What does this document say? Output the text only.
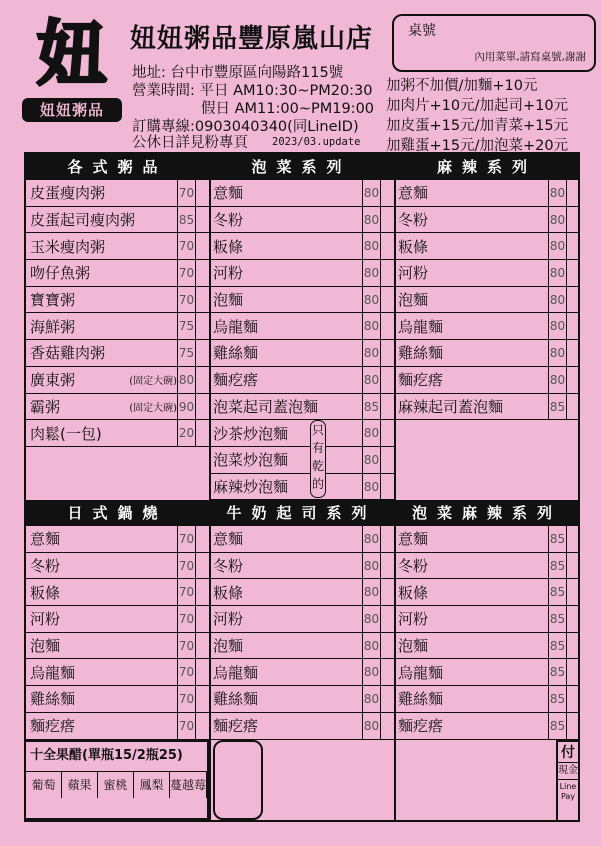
妞
妞妞粥品
妞妞粥品豐原嵐山店
地址: 台中市豐原區向陽路115號
營業時間: 平日 AM10:30~PM20:30
假日 AM11:00~PM19:00
訂購專線:0903040340(同LineID)
公休日詳見粉專頁 2023/03.update
桌號
內用菜單,請寫桌號,謝謝
加粥不加價/加麵+10元
加肉片+10元/加起司+10元
加皮蛋+15元/加青菜+15元
加雞蛋+15元/加泡菜+20元
各式粥品
皮蛋瘦肉粥	70
皮蛋起司瘦肉粥	85
玉米瘦肉粥	70
吻仔魚粥	70
寶寶粥	70
海鮮粥	75
香菇雞肉粥	75
廣東粥	(固定大碗) 80
霸粥	(固定大碗) 90
肉鬆(一包)	20
泡菜系列
意麵	80
冬粉	80
粄條	80
河粉	80
泡麵	80
烏龍麵	80
雞絲麵	80
麵疙瘩	80
泡菜起司蓋泡麵	85
沙茶炒泡麵	80
泡菜炒泡麵	80
麻辣炒泡麵	80
麻辣系列
意麵	80
冬粉	80
粄條	80
河粉	80
泡麵	80
烏龍麵	80
雞絲麵	80
麵疙瘩	80
麻辣起司蓋泡麵	85
日式鍋燒
意麵	70
冬粉	70
粄條	70
河粉	70
泡麵	70
烏龍麵	70
雞絲麵	70
麵疙瘩	70
牛奶起司系列
意麵	80
冬粉	80
粄條	80
河粉	80
泡麵	80
烏龍麵	80
雞絲麵	80
麵疙瘩	80
泡菜麻辣系列
意麵	85
冬粉	85
粄條	85
河粉	85
泡麵	85
烏龍麵	85
雞絲麵	85
麵疙瘩	85
只有乾的
十全果醋(單瓶15/2瓶25)
葡萄 蘋果 蜜桃 鳳梨 蔓越莓
付
現金
Line Pay
